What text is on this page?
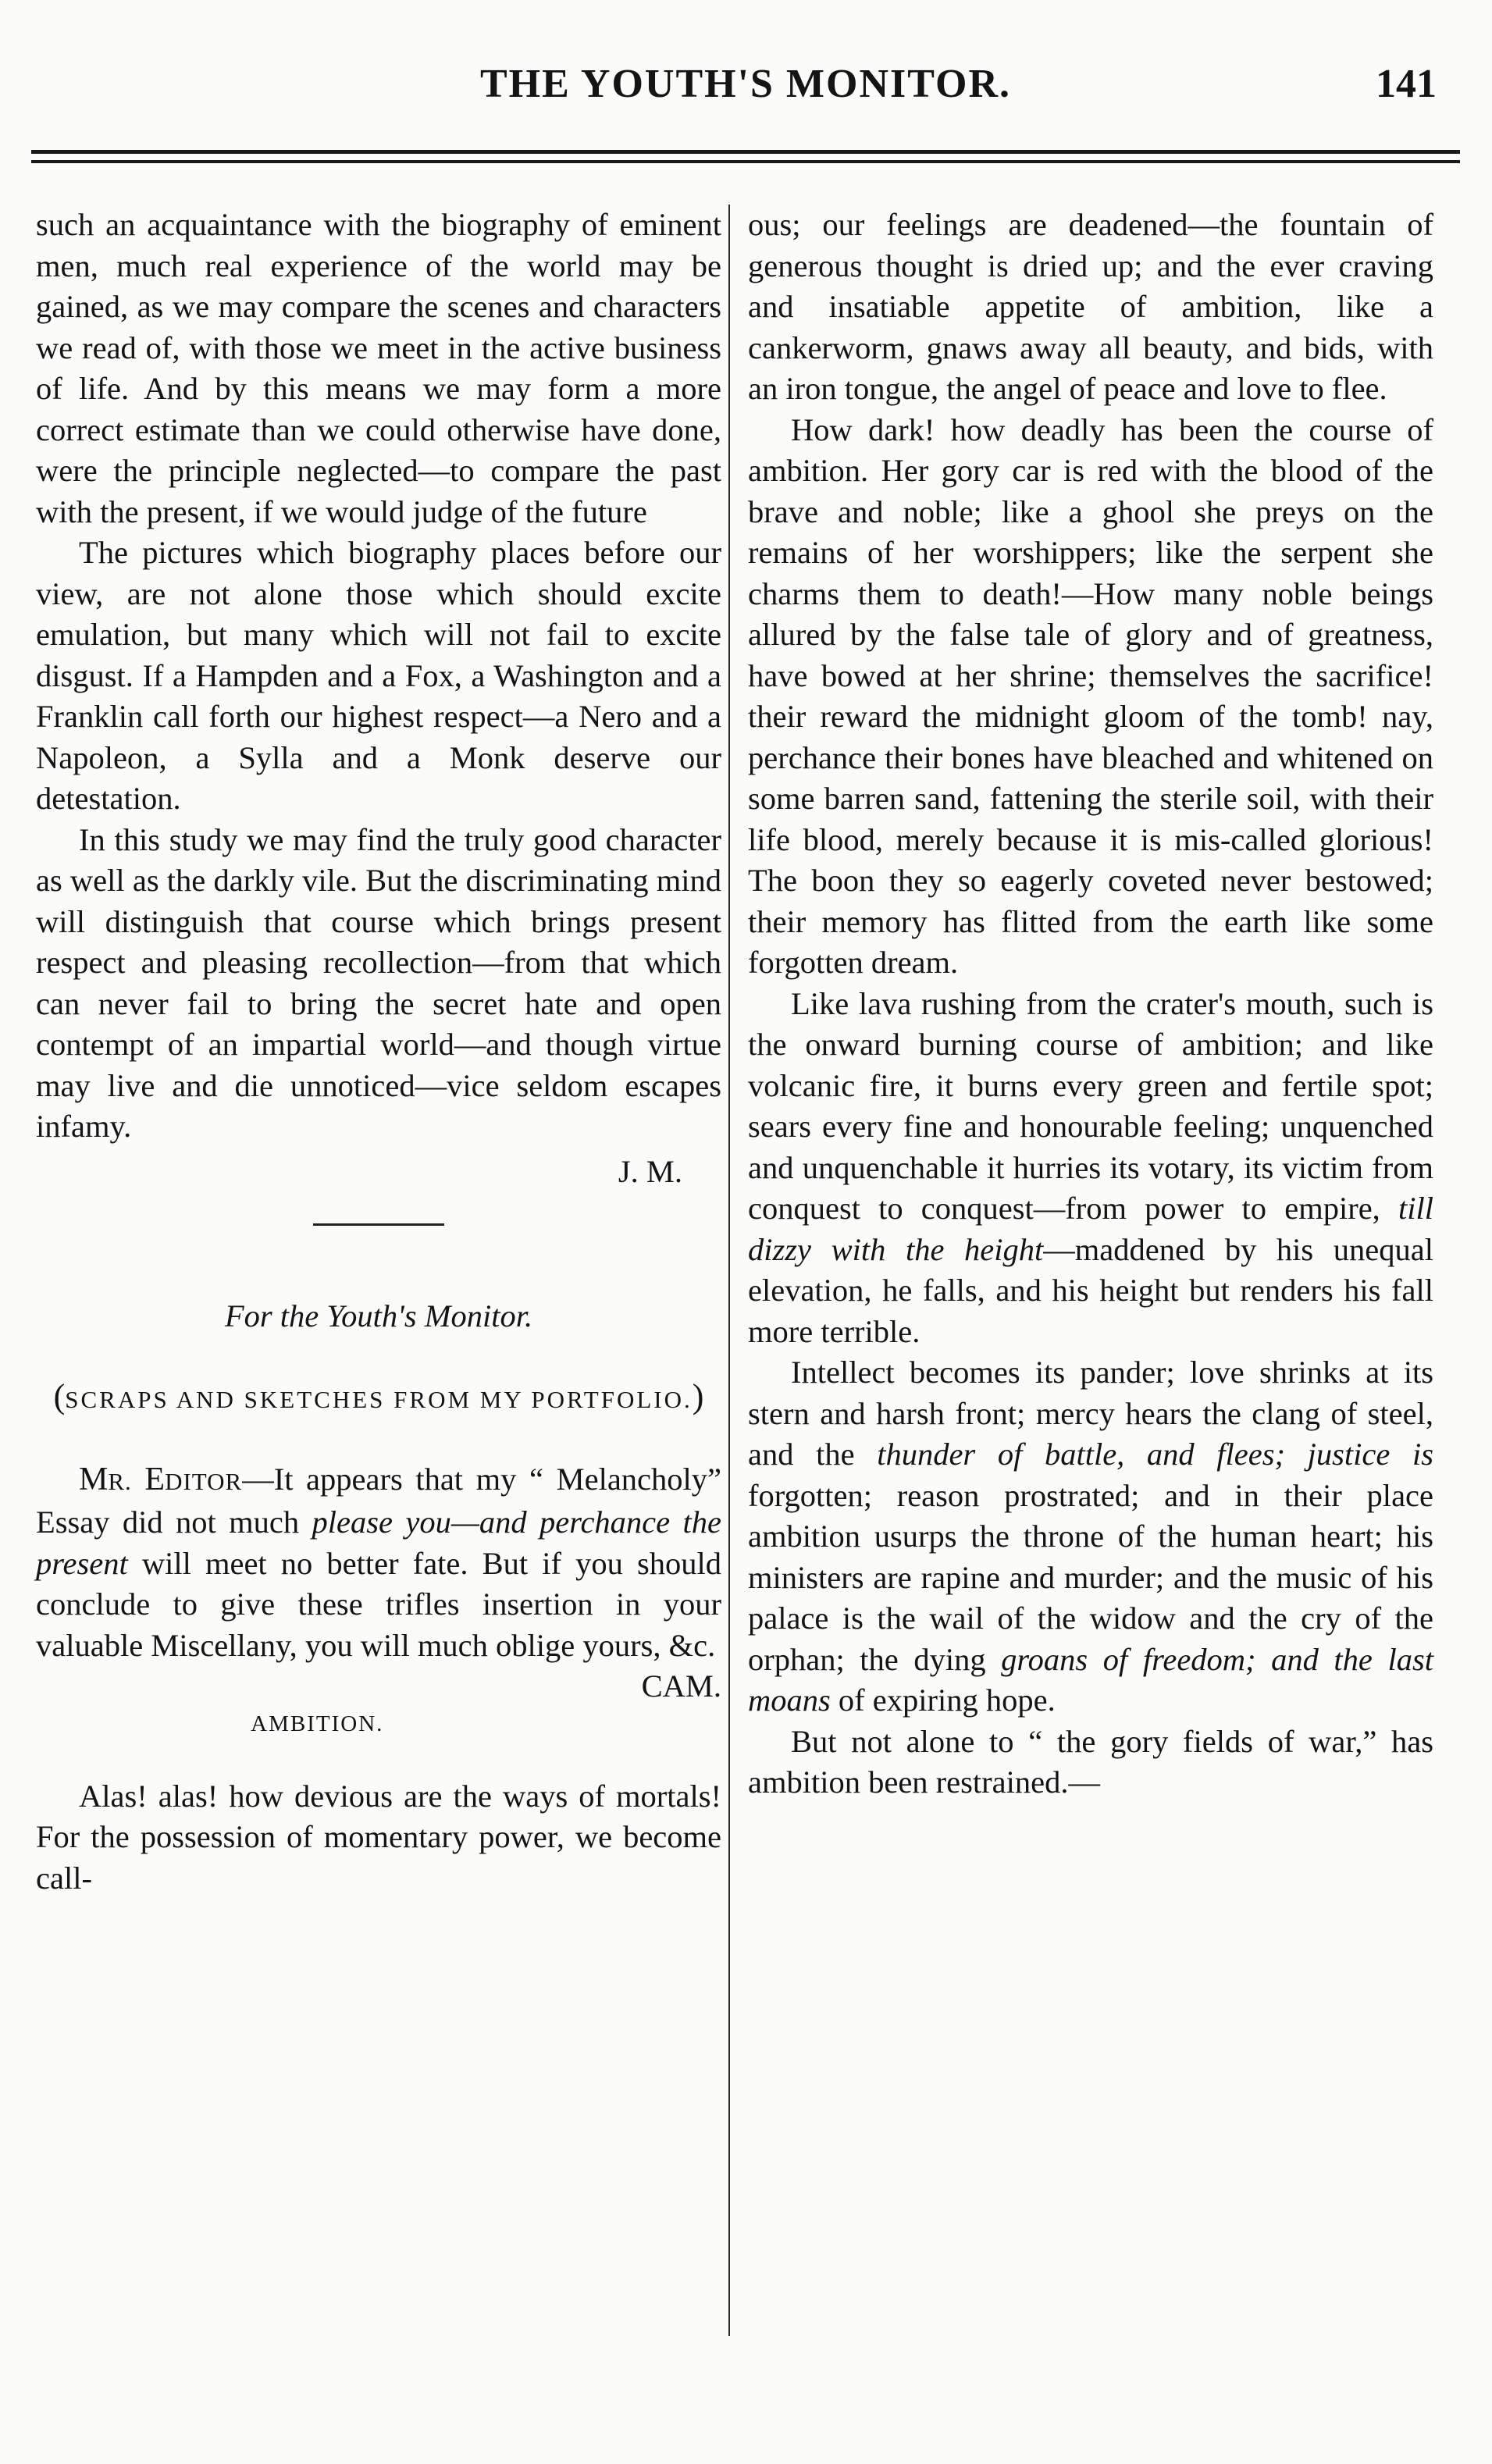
THE YOUTH'S MONITOR.	141

such an acquaintance with the biography of eminent men, much real experience of the world may be gained, as we may compare the scenes and characters we read of, with those we meet in the active business of life. And by this means we may form a more correct estimate than we could otherwise have done, were the principle neglected—to compare the past with the present, if we would judge of the future

The pictures which biography places before our view, are not alone those which should excite emulation, but many which will not fail to excite disgust. If a Hampden and a Fox, a Washington and a Franklin call forth our highest respect—a Nero and a Napoleon, a Sylla and a Monk deserve our detestation.

In this study we may find the truly good character as well as the darkly vile. But the discriminating mind will distinguish that course which brings present respect and pleasing recollection—from that which can never fail to bring the secret hate and open contempt of an impartial world—and though virtue may live and die unnoticed—vice seldom escapes infamy.

J. M.
For the Youth's Monitor.
(SCRAPS AND SKETCHES FROM MY PORTFOLIO.)

MR. EDITOR—It appears that my “ Melancholy” Essay did not much please you—and perchance the present will meet no better fate. But if you should conclude to give these trifles insertion in your valuable Miscellany, you will much oblige yours, &c.
CAM.

AMBITION.

Alas! alas! how devious are the ways of mortals! For the possession of momentary power, we become call-

ous; our feelings are deadened—the fountain of generous thought is dried up; and the ever craving and insatiable appetite of ambition, like a cankerworm, gnaws away all beauty, and bids, with an iron tongue, the angel of peace and love to flee.

How dark! how deadly has been the course of ambition. Her gory car is red with the blood of the brave and noble; like a ghool she preys on the remains of her worshippers; like the serpent she charms them to death!—How many noble beings allured by the false tale of glory and of greatness, have bowed at her shrine; themselves the sacrifice! their reward the midnight gloom of the tomb! nay, perchance their bones have bleached and whitened on some barren sand, fattening the sterile soil, with their life blood, merely because it is mis-called glorious! The boon they so eagerly coveted never bestowed; their memory has flitted from the earth like some forgotten dream.

Like lava rushing from the crater's mouth, such is the onward burning course of ambition; and like volcanic fire, it burns every green and fertile spot; sears every fine and honourable feeling; unquenched and unquenchable it hurries its votary, its victim from conquest to conquest—from power to empire, till dizzy with the height—maddened by his unequal elevation, he falls, and his height but renders his fall more terrible.

Intellect becomes its pander; love shrinks at its stern and harsh front; mercy hears the clang of steel, and the thunder of battle, and flees; justice is forgotten; reason prostrated; and in their place ambition usurps the throne of the human heart; his ministers are rapine and murder; and the music of his palace is the wail of the widow and the cry of the orphan; the dying groans of freedom; and the last moans of expiring hope.

But not alone to “ the gory fields of war,” has ambition been restrained.—
